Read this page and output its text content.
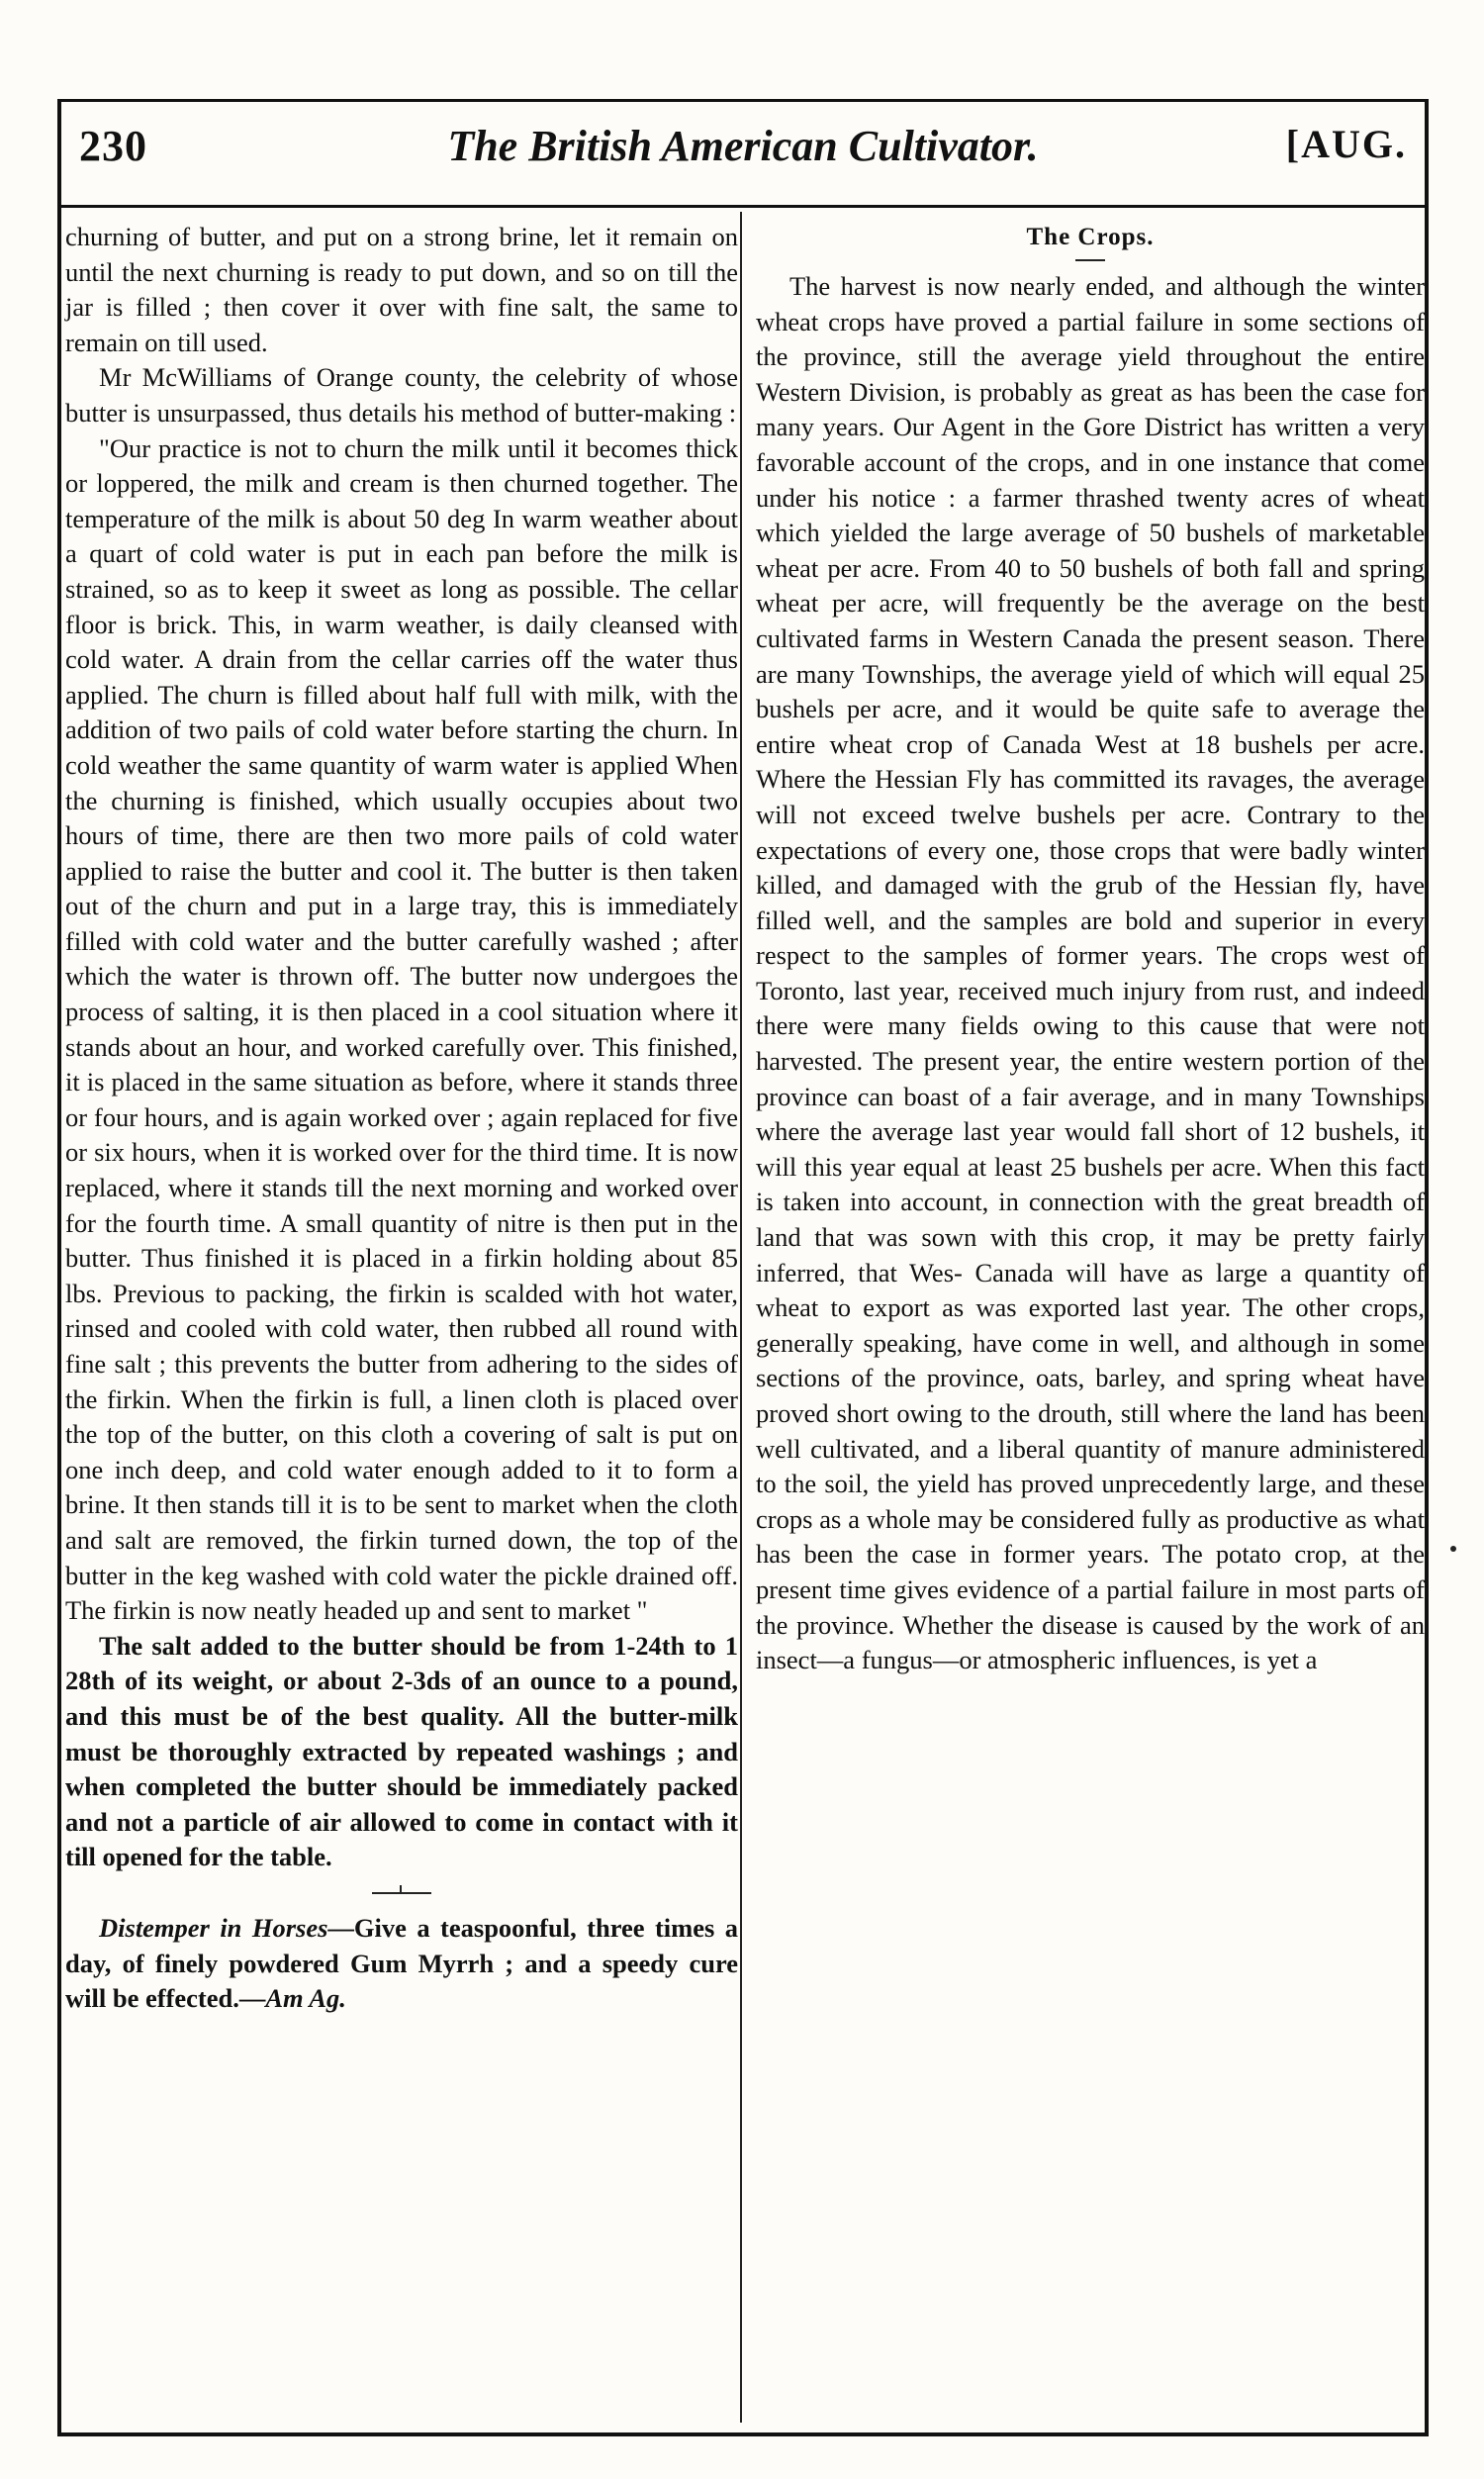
230	The British American Cultivator.	[AUG.

churning of butter, and put on a strong brine, let it remain on until the next churning is ready to put down, and so on till the jar is filled ; then cover it over with fine salt, the same to remain on till used.

Mr McWilliams of Orange county, the celebrity of whose butter is unsurpassed, thus details his method of butter-making :

"Our practice is not to churn the milk until it becomes thick or loppered, the milk and cream is then churned together. The temperature of the milk is about 50 deg In warm weather about a quart of cold water is put in each pan before the milk is strained, so as to keep it sweet as long as possible. The cellar floor is brick. This, in warm weather, is daily cleansed with cold water. A drain from the cellar carries off the water thus applied. The churn is filled about half full with milk, with the addition of two pails of cold water before starting the churn. In cold weather the same quantity of warm water is applied When the churning is finished, which usually occupies about two hours of time, there are then two more pails of cold water applied to raise the butter and cool it. The butter is then taken out of the churn and put in a large tray, this is immediately filled with cold water and the butter carefully washed ; after which the water is thrown off. The butter now undergoes the process of salting, it is then placed in a cool situation where it stands about an hour, and worked carefully over. This finished, it is placed in the same situation as before, where it stands three or four hours, and is again worked over ; again replaced for five or six hours, when it is worked over for the third time. It is now replaced, where it stands till the next morning and worked over for the fourth time. A small quantity of nitre is then put in the butter. Thus finished it is placed in a firkin holding about 85 lbs. Previous to packing, the firkin is scalded with hot water, rinsed and cooled with cold water, then rubbed all round with fine salt ; this prevents the butter from adhering to the sides of the firkin. When the firkin is full, a linen cloth is placed over the top of the butter, on this cloth a covering of salt is put on one inch deep, and cold water enough added to it to form a brine. It then stands till it is to be sent to market when the cloth and salt are removed, the firkin turned down, the top of the butter in the keg washed with cold water the pickle drained off. The firkin is now neatly headed up and sent to market "

The salt added to the butter should be from 1-24th to 1 28th of its weight, or about 2-3ds of an ounce to a pound, and this must be of the best quality. All the butter-milk must be thoroughly extracted by repeated washings ; and when completed the butter should be immediately packed and not a particle of air allowed to come in contact with it till opened for the table.

Distemper in Horses—Give a teaspoonful, three times a day, of finely powdered Gum Myrrh ; and a speedy cure will be effected.—Am Ag.

The Crops.

The harvest is now nearly ended, and although the winter wheat crops have proved a partial failure in some sections of the province, still the average yield throughout the entire Western Division, is probably as great as has been the case for many years. Our Agent in the Gore District has written a very favorable account of the crops, and in one instance that come under his notice : a farmer thrashed twenty acres of wheat which yielded the large average of 50 bushels of marketable wheat per acre. From 40 to 50 bushels of both fall and spring wheat per acre, will frequently be the average on the best cultivated farms in Western Canada the present season. There are many Townships, the average yield of which will equal 25 bushels per acre, and it would be quite safe to average the entire wheat crop of Canada West at 18 bushels per acre. Where the Hessian Fly has committed its ravages, the average will not exceed twelve bushels per acre. Contrary to the expectations of every one, those crops that were badly winter killed, and damaged with the grub of the Hessian fly, have filled well, and the samples are bold and superior in every respect to the samples of former years. The crops west of Toronto, last year, received much injury from rust, and indeed there were many fields owing to this cause that were not harvested. The present year, the entire western portion of the province can boast of a fair average, and in many Townships where the average last year would fall short of 12 bushels, it will this year equal at least 25 bushels per acre. When this fact is taken into account, in connection with the great breadth of land that was sown with this crop, it may be pretty fairly inferred, that Wes- Canada will have as large a quantity of wheat to export as was exported last year. The other crops, generally speaking, have come in well, and although in some sections of the province, oats, barley, and spring wheat have proved short owing to the drouth, still where the land has been well cultivated, and a liberal quantity of manure administered to the soil, the yield has proved unprecedently large, and these crops as a whole may be considered fully as productive as what has been the case in former years. The potato crop, at the present time gives evidence of a partial failure in most parts of the province. Whether the disease is caused by the work of an insect—a fungus—or atmospheric influences, is yet a
